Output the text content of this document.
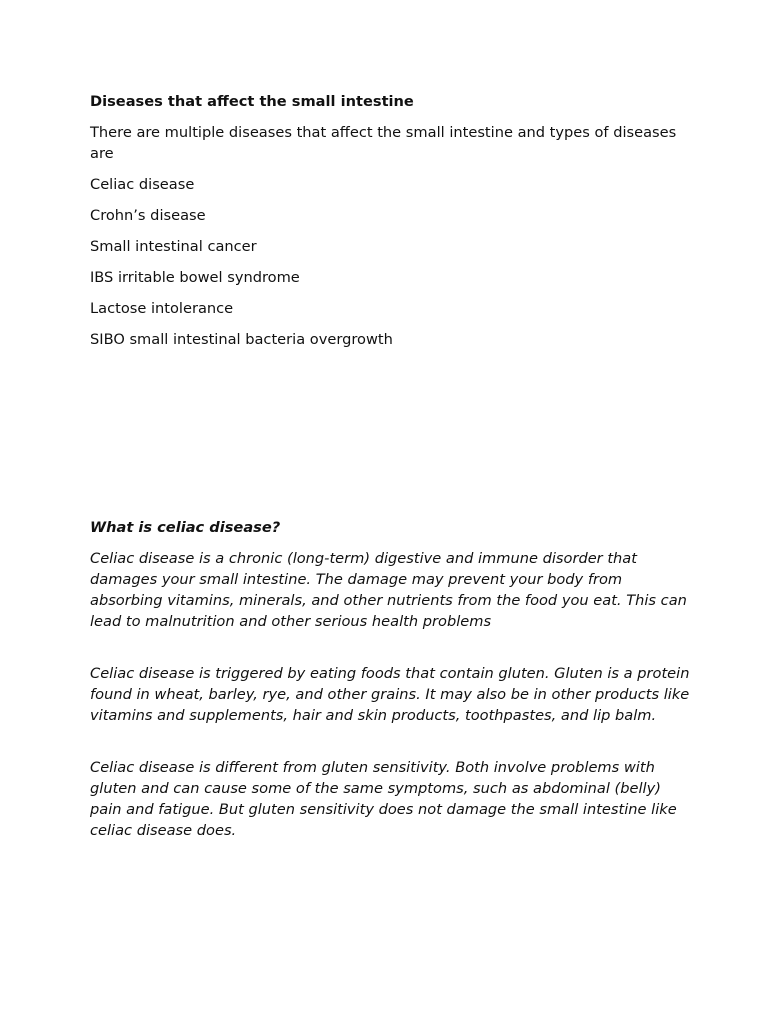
Diseases that affect the small intestine
There are multiple diseases that affect the small intestine and types of diseases are
Celiac disease
Crohn’s disease
Small intestinal cancer
IBS irritable bowel syndrome
Lactose intolerance
SIBO small intestinal bacteria overgrowth
What is celiac disease?
Celiac disease is a chronic (long-term) digestive and immune disorder that damages your small intestine. The damage may prevent your body from absorbing vitamins, minerals, and other nutrients from the food you eat. This can lead to malnutrition and other serious health problems
Celiac disease is triggered by eating foods that contain gluten. Gluten is a protein found in wheat, barley, rye, and other grains. It may also be in other products like vitamins and supplements, hair and skin products, toothpastes, and lip balm.
Celiac disease is different from gluten sensitivity. Both involve problems with gluten and can cause some of the same symptoms, such as abdominal (belly) pain and fatigue. But gluten sensitivity does not damage the small intestine like celiac disease does.
